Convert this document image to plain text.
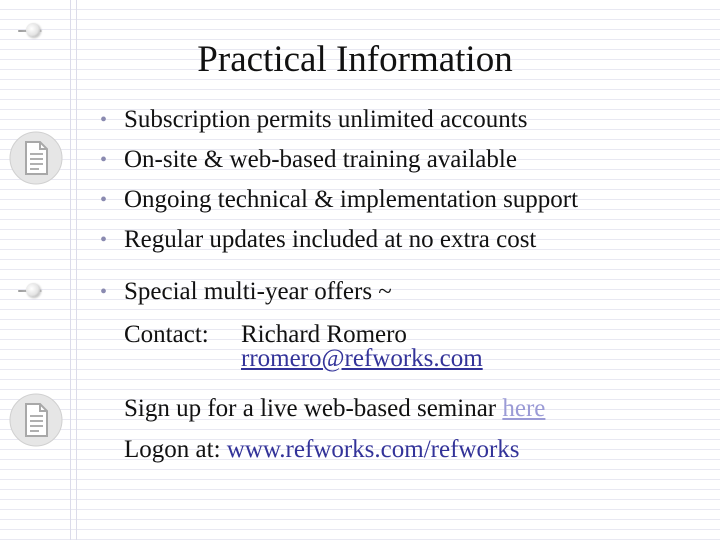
Practical Information
• Subscription permits unlimited accounts
• On-site & web-based training available
• Ongoing technical & implementation support
• Regular updates included at no extra cost
• Special multi-year offers ~
Contact: Richard Romero
rromero@refworks.com
Sign up for a live web-based seminar here
Logon at: www.refworks.com/refworks
